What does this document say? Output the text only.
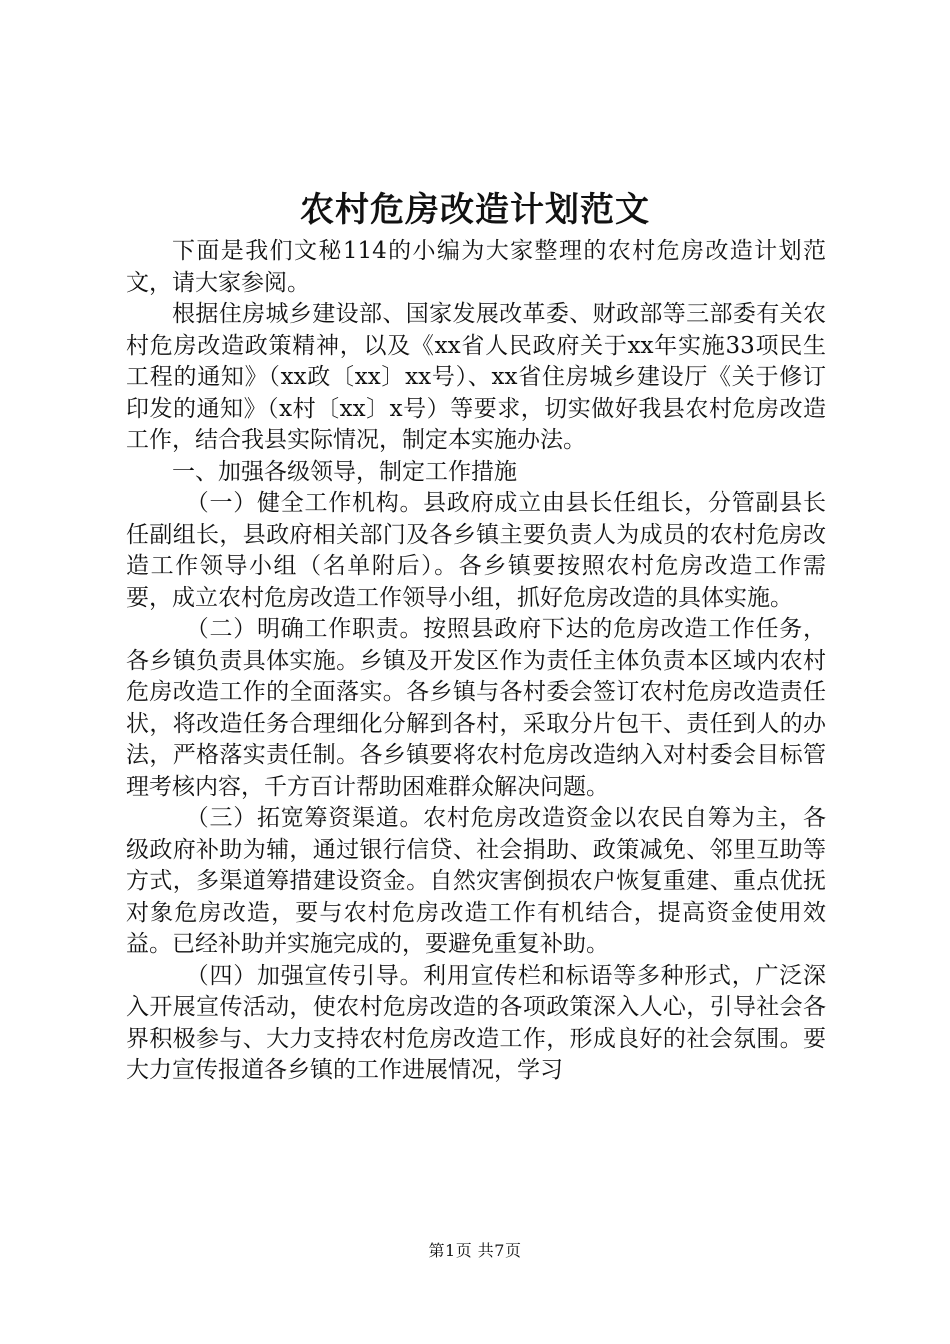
农村危房改造计划范文

下面是我们文秘114的小编为大家整理的农村危房改造计划范文，请大家参阅。

根据住房城乡建设部、国家发展改革委、财政部等三部委有关农村危房改造政策精神，以及《xx省人民政府关于xx年实施33项民生工程的通知》（xx政〔xx〕xx号）、xx省住房城乡建设厅《关于修订印发的通知》（x村〔xx〕x号）等要求，切实做好我县农村危房改造工作，结合我县实际情况，制定本实施办法。

一、加强各级领导，制定工作措施

（一）健全工作机构。县政府成立由县长任组长，分管副县长任副组长，县政府相关部门及各乡镇主要负责人为成员的农村危房改造工作领导小组（名单附后）。各乡镇要按照农村危房改造工作需要，成立农村危房改造工作领导小组，抓好危房改造的具体实施。

（二）明确工作职责。按照县政府下达的危房改造工作任务，各乡镇负责具体实施。乡镇及开发区作为责任主体负责本区域内农村危房改造工作的全面落实。各乡镇与各村委会签订农村危房改造责任状，将改造任务合理细化分解到各村，采取分片包干、责任到人的办法，严格落实责任制。各乡镇要将农村危房改造纳入对村委会目标管理考核内容，千方百计帮助困难群众解决问题。

（三）拓宽筹资渠道。农村危房改造资金以农民自筹为主，各级政府补助为辅，通过银行信贷、社会捐助、政策减免、邻里互助等方式，多渠道筹措建设资金。自然灾害倒损农户恢复重建、重点优抚对象危房改造，要与农村危房改造工作有机结合，提高资金使用效益。已经补助并实施完成的，要避免重复补助。

（四）加强宣传引导。利用宣传栏和标语等多种形式，广泛深入开展宣传活动，使农村危房改造的各项政策深入人心，引导社会各界积极参与、大力支持农村危房改造工作，形成良好的社会氛围。要大力宣传报道各乡镇的工作进展情况，学习

第1页 共7页
